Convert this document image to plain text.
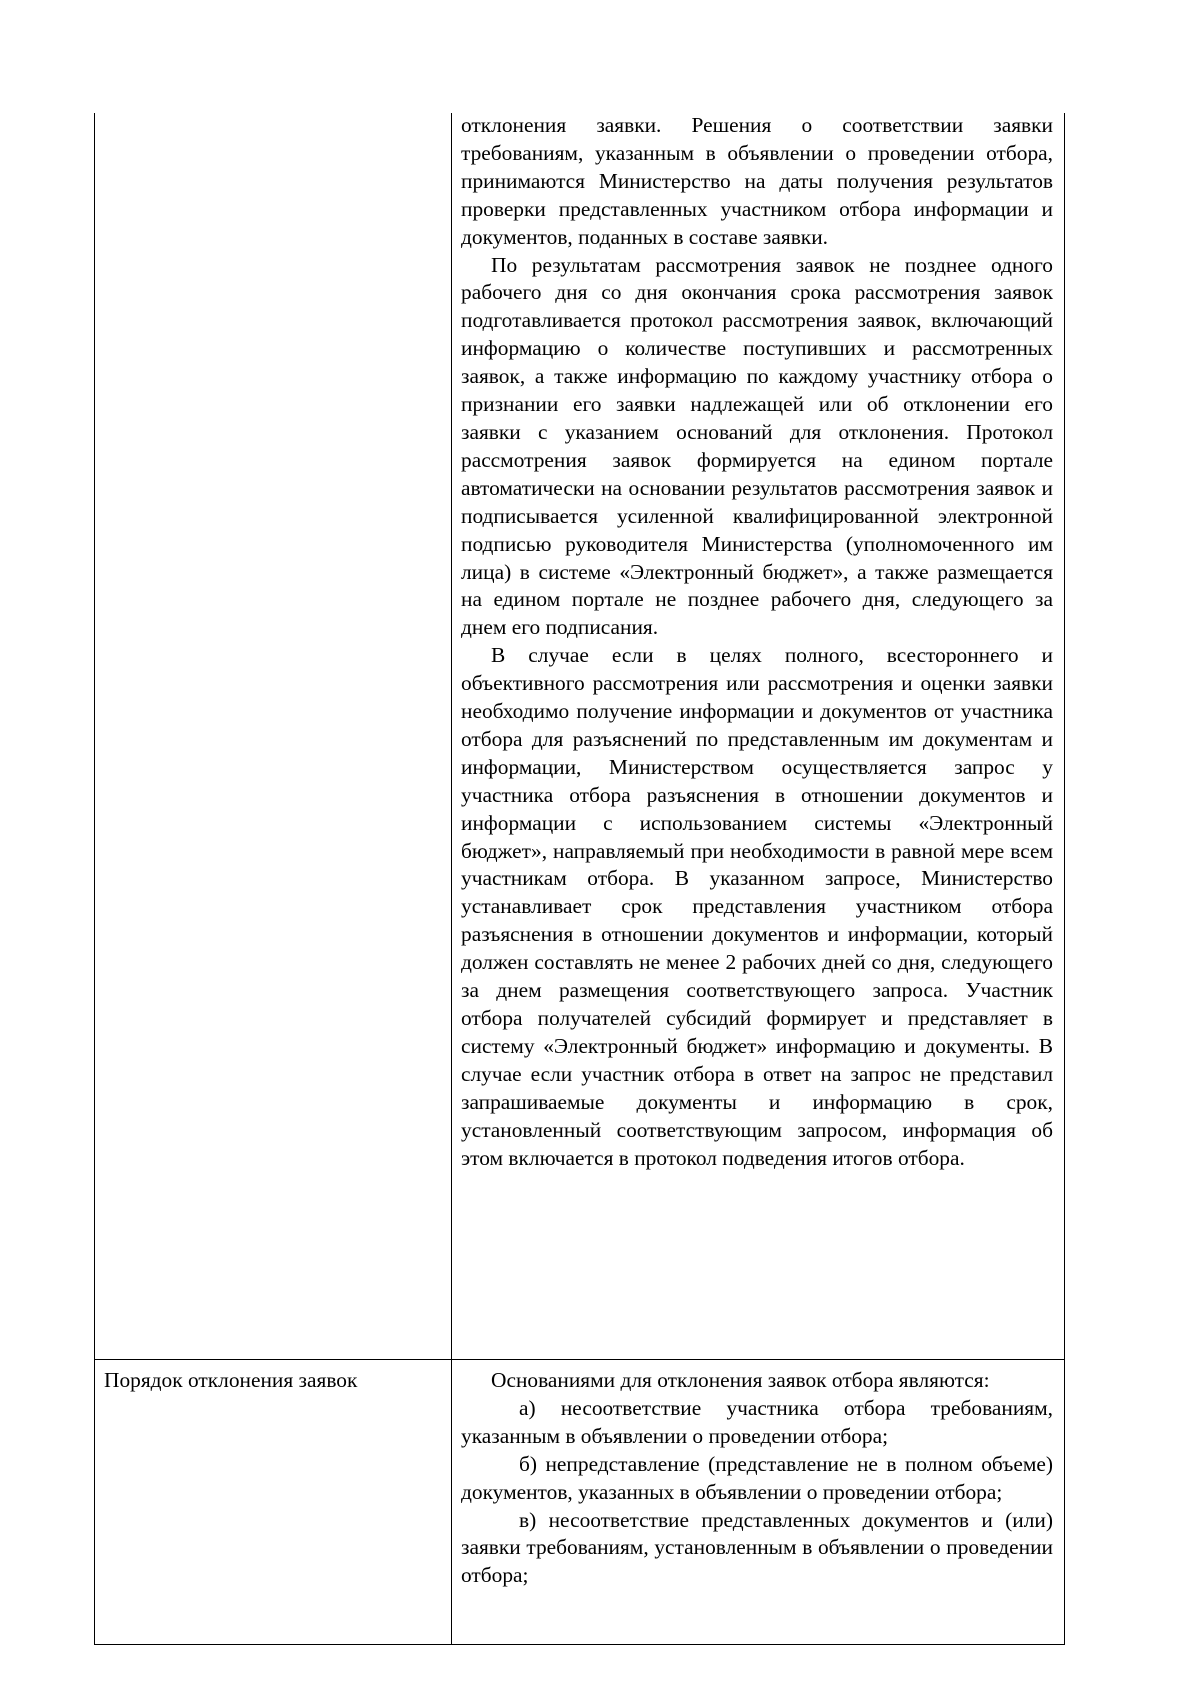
отклонения заявки. Решения о соответствии заявки требованиям, указанным в объявлении о проведении отбора, принимаются Министерство на даты получения результатов проверки представленных участником отбора информации и документов, поданных в составе заявки.

По результатам рассмотрения заявок не позднее одного рабочего дня со дня окончания срока рассмотрения заявок подготавливается протокол рассмотрения заявок, включающий информацию о количестве поступивших и рассмотренных заявок, а также информацию по каждому участнику отбора о признании его заявки надлежащей или об отклонении его заявки с указанием оснований для отклонения. Протокол рассмотрения заявок формируется на едином портале автоматически на основании результатов рассмотрения заявок и подписывается усиленной квалифицированной электронной подписью руководителя Министерства (уполномоченного им лица) в системе «Электронный бюджет», а также размещается на едином портале не позднее рабочего дня, следующего за днем его подписания.

В случае если в целях полного, всестороннего и объективного рассмотрения или рассмотрения и оценки заявки необходимо получение информации и документов от участника отбора для разъяснений по представленным им документам и информации, Министерством осуществляется запрос у участника отбора разъяснения в отношении документов и информации с использованием системы «Электронный бюджет», направляемый при необходимости в равной мере всем участникам отбора. В указанном запросе, Министерство устанавливает срок представления участником отбора разъяснения в отношении документов и информации, который должен составлять не менее 2 рабочих дней со дня, следующего за днем размещения соответствующего запроса. Участник отбора получателей субсидий формирует и представляет в систему «Электронный бюджет» информацию и документы. В случае если участник отбора в ответ на запрос не представил запрашиваемые документы и информацию в срок, установленный соответствующим запросом, информация об этом включается в протокол подведения итогов отбора.

Порядок отклонения заявок	Основаниями для отклонения заявок отбора являются:

а) несоответствие участника отбора требованиям, указанным в объявлении о проведении отбора;

б) непредставление (представление не в полном объеме) документов, указанных в объявлении о проведении отбора;

в) несоответствие представленных документов и (или) заявки требованиям, установленным в объявлении о проведении отбора;
